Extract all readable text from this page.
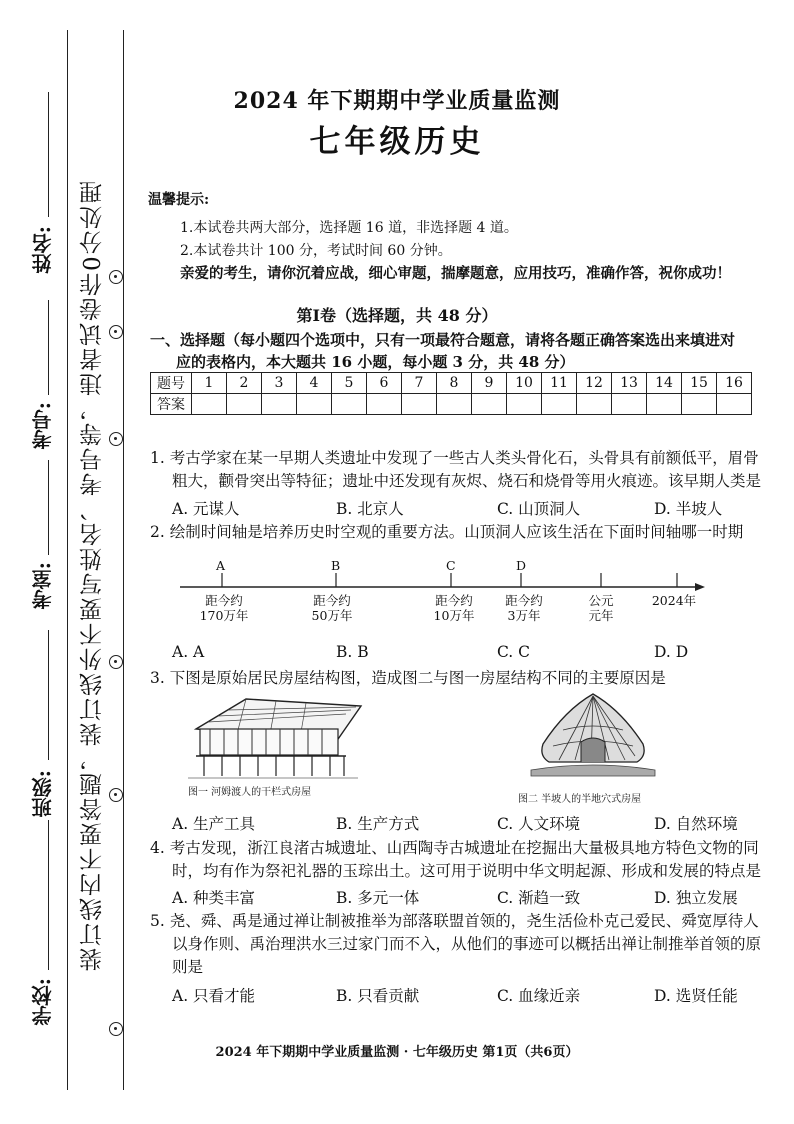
姓名:
考号:
考室:
班级:
学校:
装订线内不要答题，装订线外不要写姓名、考号等，违者试卷作0分处理
2024 年下期期中学业质量监测
七年级历史
温馨提示:
1.本试卷共两大部分，选择题 16 道，非选择题 4 道。
2.本试卷共计 100 分，考试时间 60 分钟。
亲爱的考生，请你沉着应战，细心审题，揣摩题意，应用技巧，准确作答，祝你成功！
第Ⅰ卷（选择题，共 48 分）
一、选择题（每小题四个选项中，只有一项最符合题意，请将各题正确答案选出来填进对
应的表格内，本大题共 16 小题，每小题 3 分，共 48 分）
题号	1	2	3	4	5	6	7	8	9	10	11	12	13	14	15	16
答案																
1. 考古学家在某一早期人类遗址中发现了一些古人类头骨化石，头骨具有前额低平，眉骨
粗大，颧骨突出等特征；遗址中还发现有灰烬、烧石和烧骨等用火痕迹。该早期人类是
A. 元谋人	B. 北京人	C. 山顶洞人	D. 半坡人
2. 绘制时间轴是培养历史时空观的重要方法。山顶洞人应该生活在下面时间轴哪一时期
A	B	C	D
距今约
170万年
距今约
50万年
距今约
10万年
距今约
3万年
公元
元年
2024年
A. A	B. B	C. C	D. D
3. 下图是原始居民房屋结构图，造成图二与图一房屋结构不同的主要原因是
图一 河姆渡人的干栏式房屋
图二 半坡人的半地穴式房屋
A. 生产工具	B. 生产方式	C. 人文环境	D. 自然环境
4. 考古发现，浙江良渚古城遗址、山西陶寺古城遗址在挖掘出大量极具地方特色文物的同
时，均有作为祭祀礼器的玉琮出土。这可用于说明中华文明起源、形成和发展的特点是
A. 种类丰富	B. 多元一体	C. 渐趋一致	D. 独立发展
5. 尧、舜、禹是通过禅让制被推举为部落联盟首领的，尧生活俭朴克己爱民、舜宽厚待人
以身作则、禹治理洪水三过家门而不入，从他们的事迹可以概括出禅让制推举首领的原
则是
A. 只看才能	B. 只看贡献	C. 血缘近亲	D. 选贤任能
2024 年下期期中学业质量监测 · 七年级历史 第1页（共6页）
